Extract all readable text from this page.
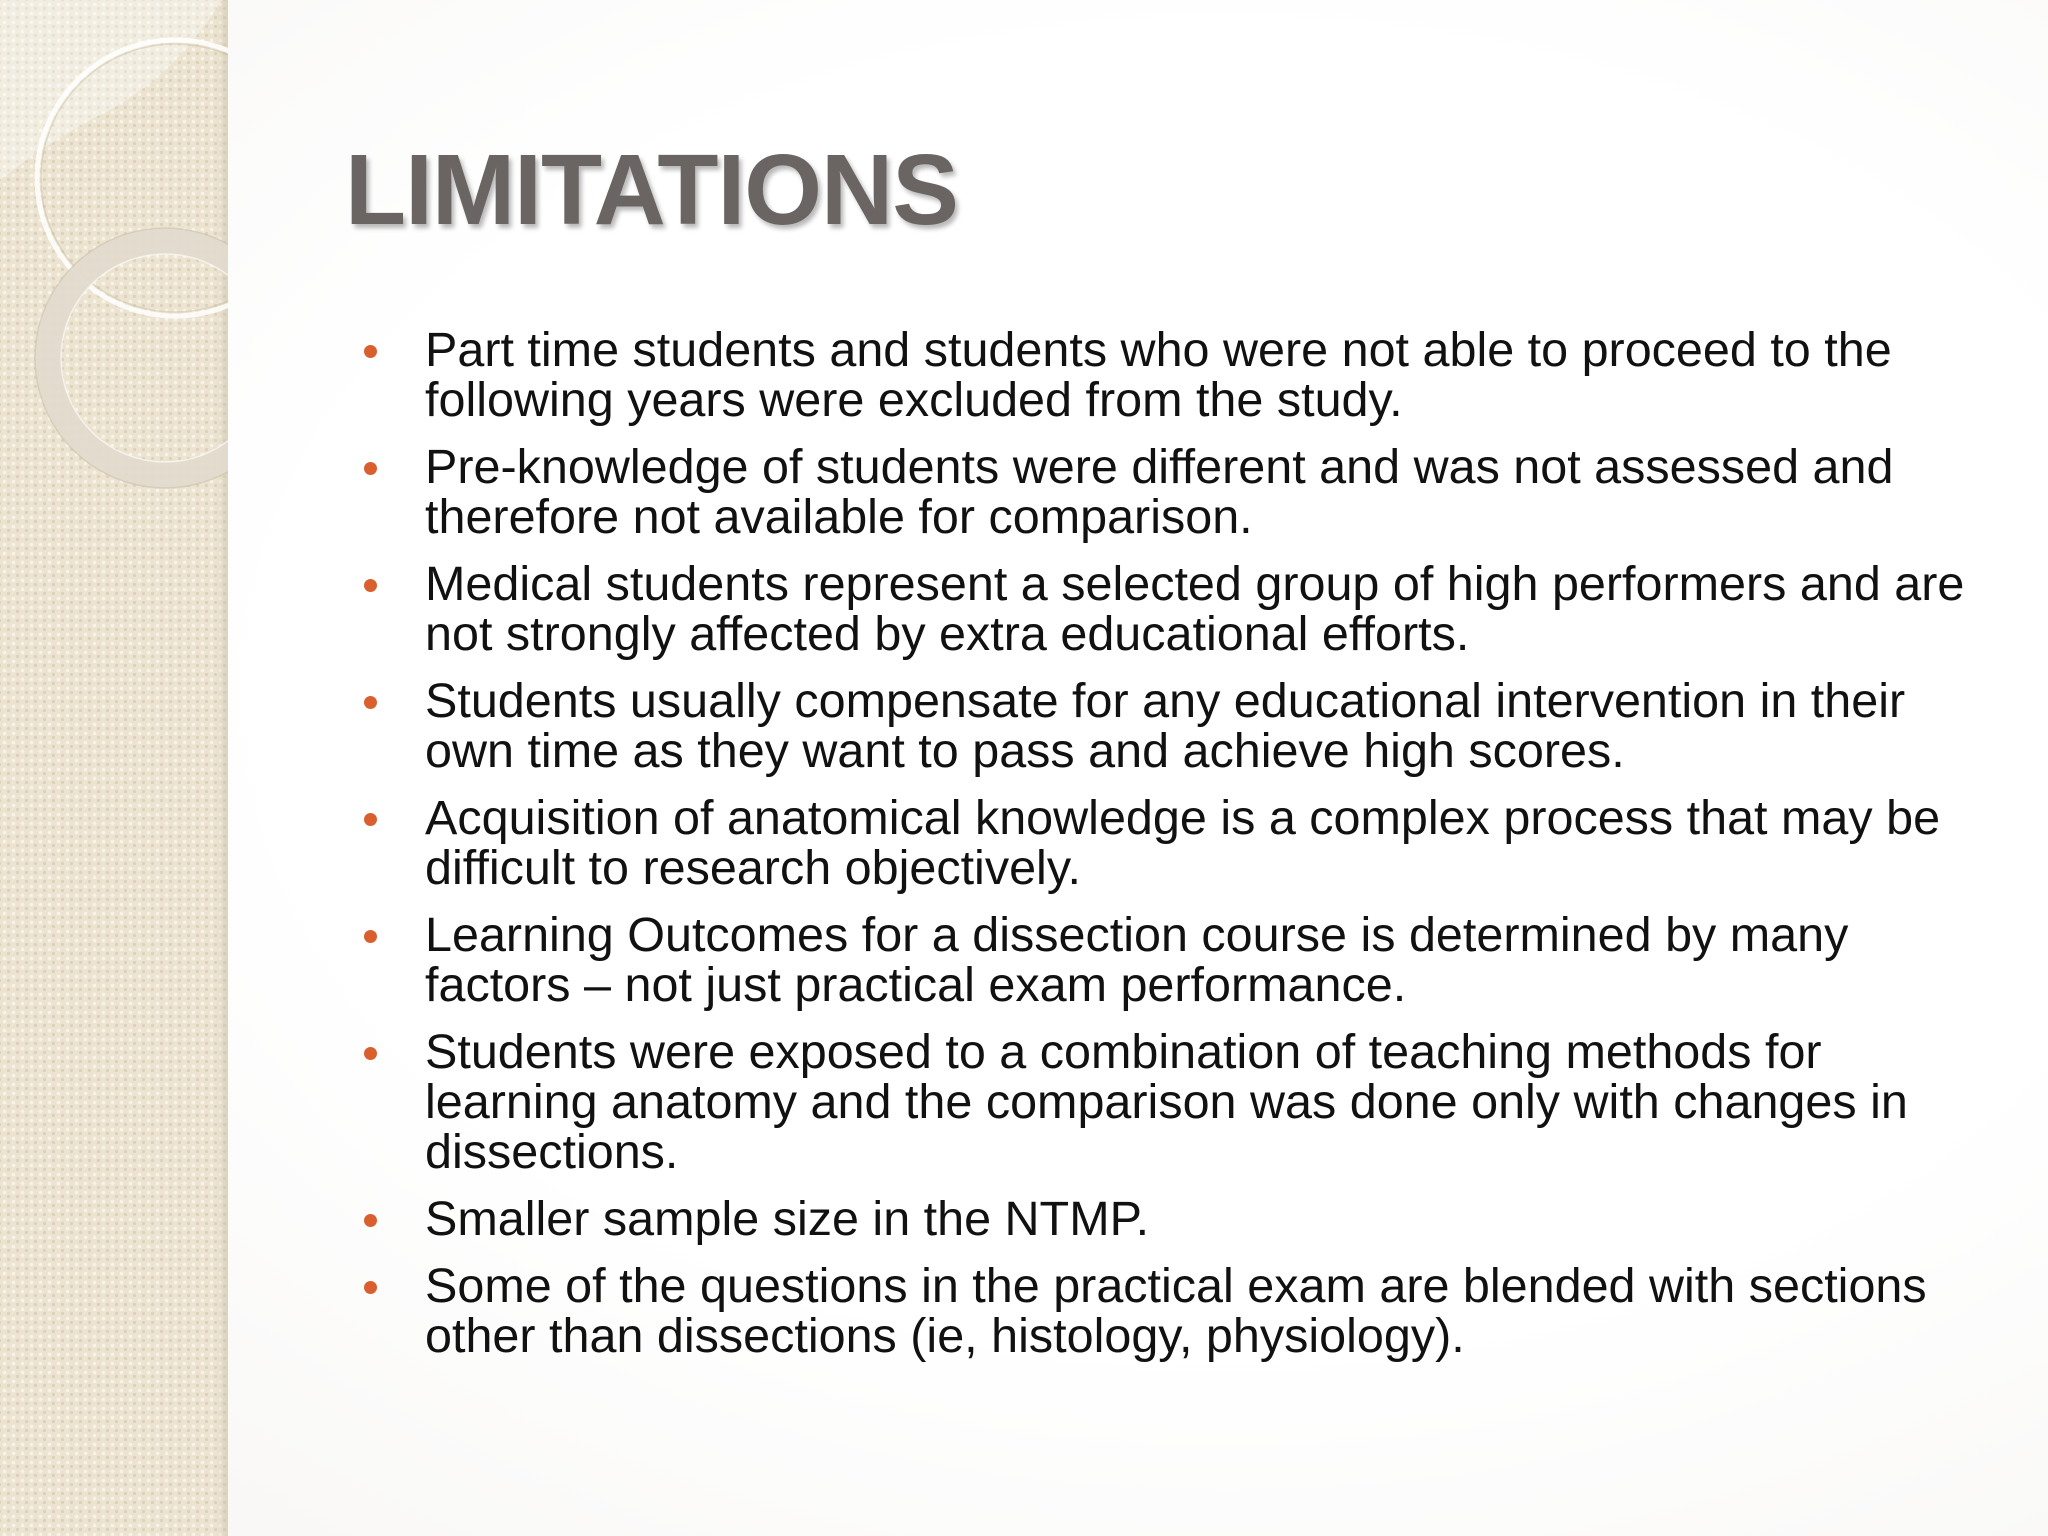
LIMITATIONS
Part time students and students who were not able to proceed to the following years were excluded from the study.
Pre-knowledge of students were different and was not assessed and therefore not available for comparison.
Medical students represent a selected group of high performers and are not strongly affected by extra educational efforts.
Students usually compensate for any educational intervention in their own time as they want to pass and achieve high scores.
Acquisition of anatomical knowledge is a complex process that may be difficult to research objectively.
Learning Outcomes for a dissection course is determined by many factors – not just practical exam performance.
Students were exposed to a combination of teaching methods for learning anatomy and the comparison was done only with changes in dissections.
Smaller sample size in the NTMP.
Some of the questions in the practical exam are blended with sections other than dissections (ie, histology, physiology).
